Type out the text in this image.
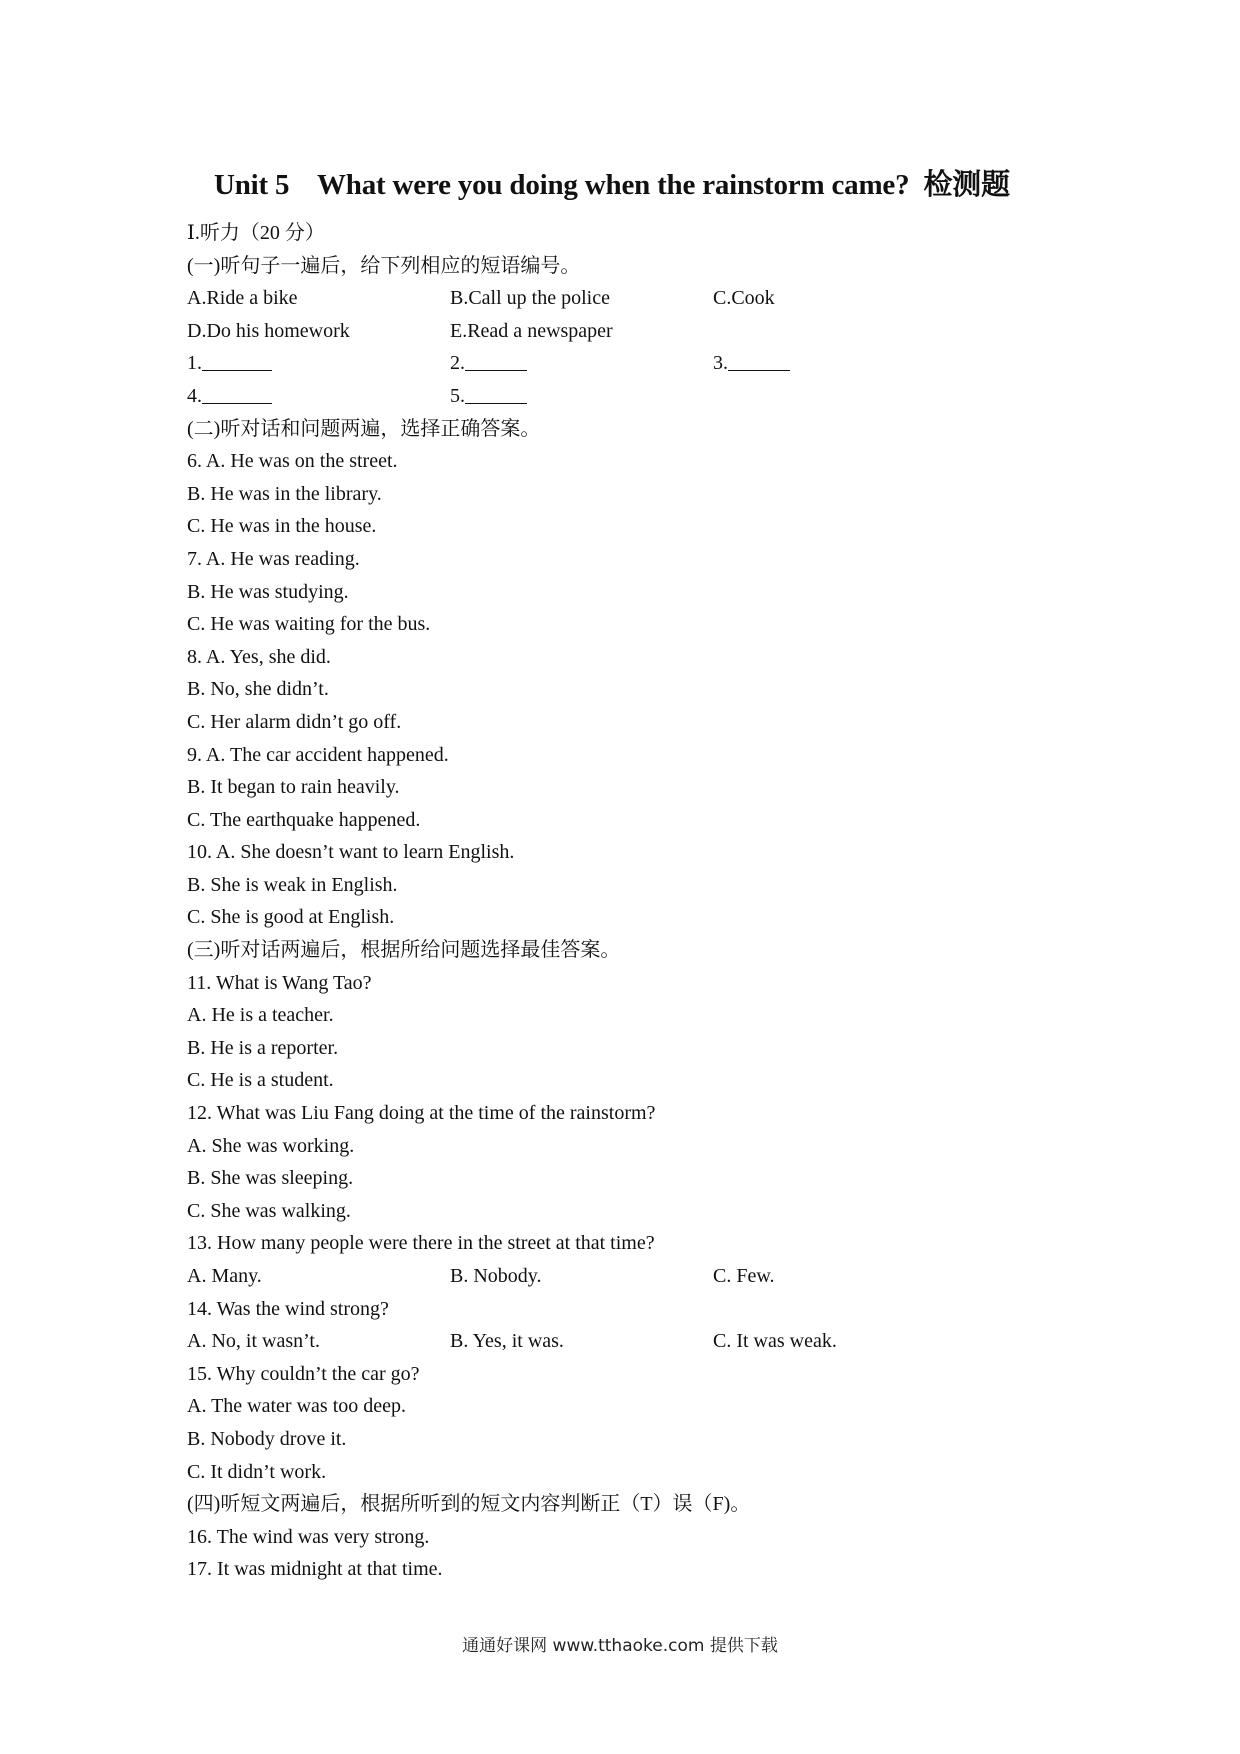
Unit 5    What were you doing when the rainstorm came?  检测题
Ⅰ.听力（20 分）
(一)听句子一遍后，给下列相应的短语编号。
A.Ride a bike	B.Call up the police	C.Cook
D.Do his homework	E.Read a newspaper
1.	2.	3.
4.	5.
(二)听对话和问题两遍，选择正确答案。
6. A. He was on the street.
B. He was in the library.
C. He was in the house.
7. A. He was reading.
B. He was studying.
C. He was waiting for the bus.
8. A. Yes, she did.
B. No, she didn’t.
C. Her alarm didn’t go off.
9. A. The car accident happened.
B. It began to rain heavily.
C. The earthquake happened.
10. A. She doesn’t want to learn English.
B. She is weak in English.
C. She is good at English.
(三)听对话两遍后，根据所给问题选择最佳答案。
11. What is Wang Tao?
A. He is a teacher.
B. He is a reporter.
C. He is a student.
12. What was Liu Fang doing at the time of the rainstorm?
A. She was working.
B. She was sleeping.
C. She was walking.
13. How many people were there in the street at that time?
A. Many.	B. Nobody.	C. Few.
14. Was the wind strong?
A. No, it wasn’t.	B. Yes, it was.	C. It was weak.
15. Why couldn’t the car go?
A. The water was too deep.
B. Nobody drove it.
C. It didn’t work.
(四)听短文两遍后，根据所听到的短文内容判断正（T）误（F)。
16. The wind was very strong.
17. It was midnight at that time.
通通好课网 www.tthaoke.com 提供下载
